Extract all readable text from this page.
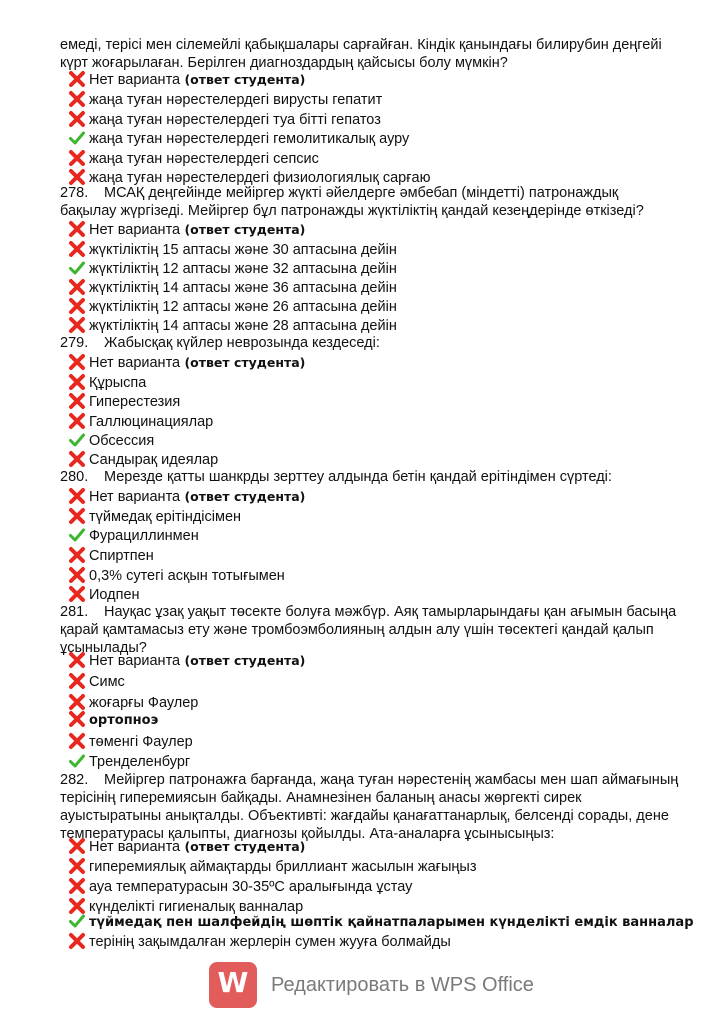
емеді, терісі мен сілемейлі қабықшалары сарғайған. Кіндік қанындағы билирубин деңгейі
күрт жоғарылаған. Берілген диагноздардың қайсысы болу мүмкін?
Нет варианта (ответ студента)
жаңа туған нәрестелердегі вирусты гепатит
жаңа туған нәрестелердегі туа бітті гепатоз
жаңа туған нәрестелердегі гемолитикалық ауру
жаңа туған нәрестелердегі сепсис
жаңа туған нәрестелердегі физиологиялық сарғаю
278. МСАҚ деңгейінде мейіргер жүкті әйелдерге әмбебап (міндетті) патронаждық
бақылау жүргізеді. Мейіргер бұл патронажды жүктіліктің қандай кезеңдерінде өткізеді?
Нет варианта (ответ студента)
жүктіліктің 15 аптасы және 30 аптасына дейін
жүктіліктің 12 аптасы және 32 аптасына дейін
жүктіліктің 14 аптасы және 36 аптасына дейін
жүктіліктің 12 аптасы және 26 аптасына дейін
жүктіліктің 14 аптасы және 28 аптасына дейін
279. Жабысқақ күйлер неврозында кездеседі:
Нет варианта (ответ студента)
Құрыспа
Гиперестезия
Галлюцинациялар
Обсессия
Сандырақ идеялар
280. Мерезде қатты шанкрды зерттеу алдында бетін қандай ерітіндімен сүртеді:
Нет варианта (ответ студента)
түймедақ ерітіндісімен
Фурациллинмен
Спиртпен
0,3% сутегі асқын тотығымен
Иодпен
281. Науқас ұзақ уақыт төсекте болуға мәжбүр. Аяқ тамырларындағы қан ағымын басыңа
қарай қамтамасыз ету және тромбоэмболияның алдын алу үшін төсектегі қандай қалып
ұсынылады?
Нет варианта (ответ студента)
Симс
жоғарғы Фаулер
ортопноэ
төменгі Фаулер
Тренделенбург
282. Мейіргер патронажға барғанда, жаңа туған нәрестенің жамбасы мен шап аймағының
терісінің гиперемиясын байқады. Анамнезінен баланың анасы жөргекті сирек
ауыстыратыны анықталды. Объективті: жағдайы қанағаттанарлық, белсенді сорады, дене
температурасы қалыпты, диагнозы қойылды. Ата-аналарға ұсынысыңыз:
Нет варианта (ответ студента)
гиперемиялық аймақтарды бриллиант жасылын жағыңыз
ауа температурасын 30-35ºС аралығында ұстау
күнделікті гигиеналық ванналар
түймедақ пен шалфейдің шөптік қайнатпаларымен күнделікті емдік ванналар
терінің зақымдалған жерлерін сумен жууға болмайды
W	Редактировать в WPS Office
